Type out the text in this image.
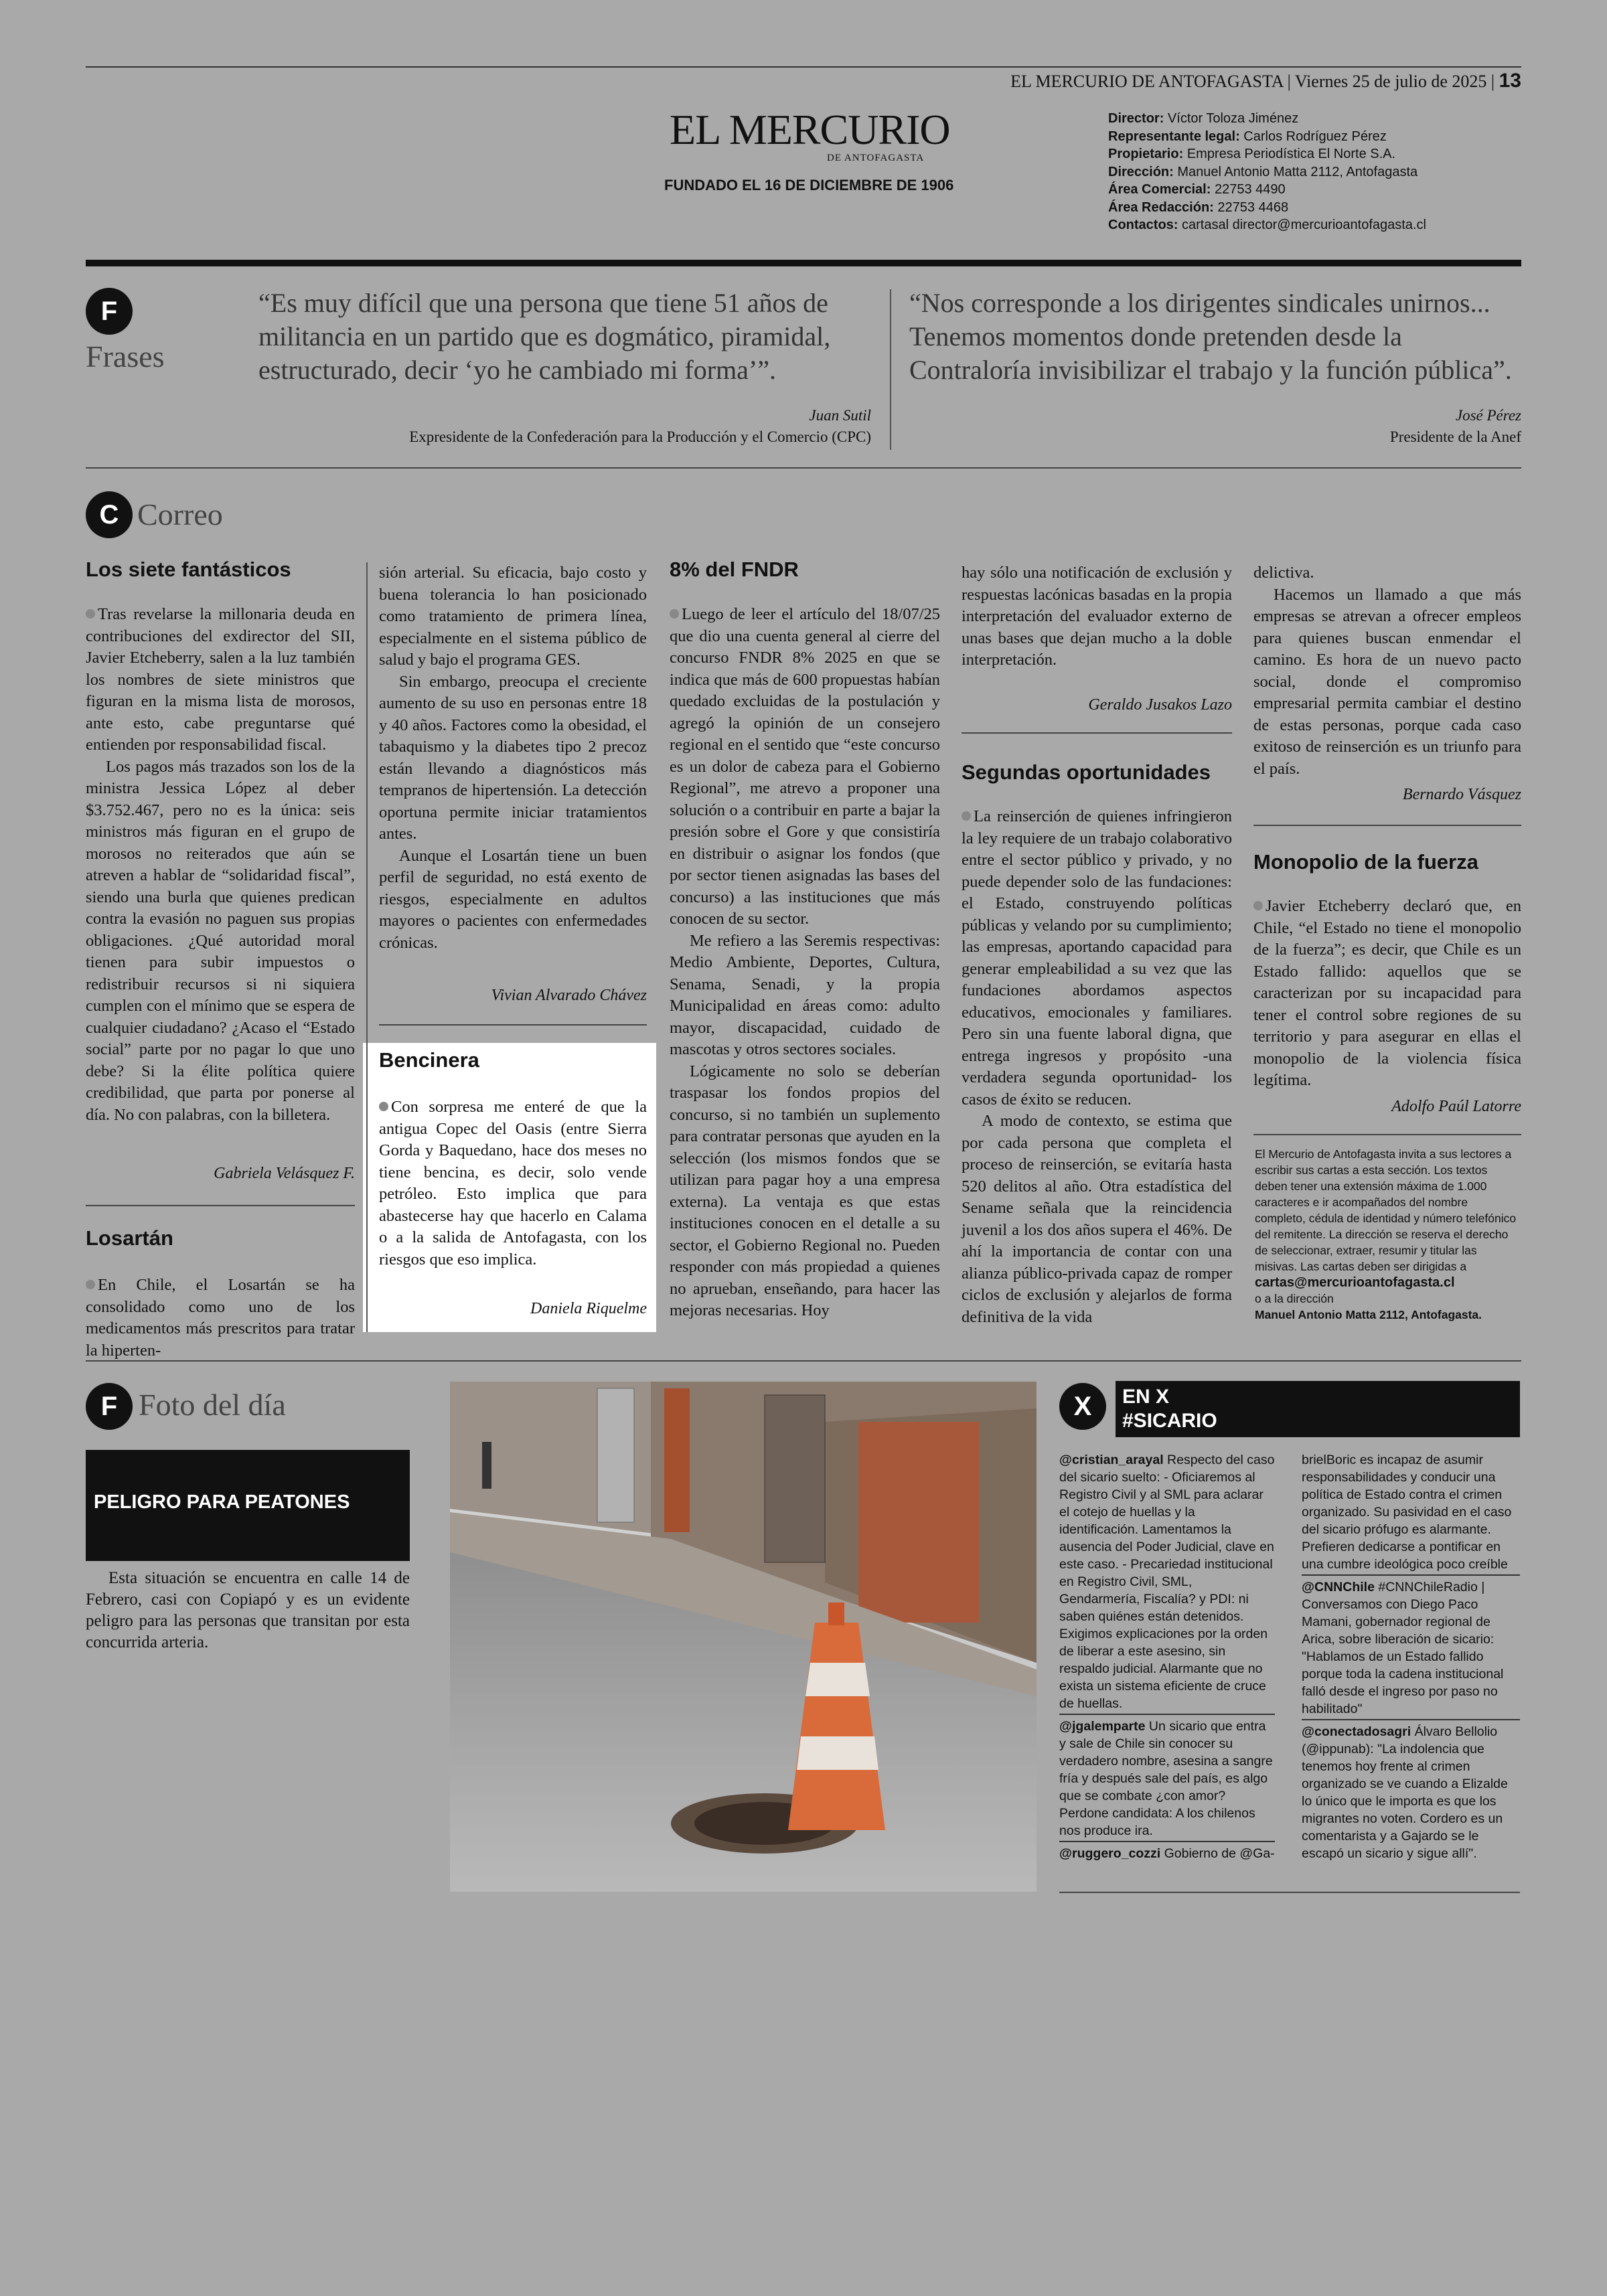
EL MERCURIO DE ANTOFAGASTA | Viernes 25 de julio de 2025 | 13
EL MERCURIO
DE ANTOFAGASTA
FUNDADO EL 16 DE DICIEMBRE DE 1906
Director: Víctor Toloza Jiménez
Representante legal: Carlos Rodríguez Pérez
Propietario: Empresa Periodística El Norte S.A.
Dirección: Manuel Antonio Matta 2112, Antofagasta
Área Comercial: 22753 4490
Área Redacción: 22753 4468
Contactos: cartasal director@mercurioantofagasta.cl
F
Frases
“Es muy difícil que una persona que tiene 51 años de
militancia en un partido que es dogmático, piramidal,
estructurado, decir ‘yo he cambiado mi forma’”.
Juan Sutil
Expresidente de la Confederación para la Producción y el Comercio (CPC)
“Nos corresponde a los dirigentes sindicales unirnos...
Tenemos momentos donde pretenden desde la
Contraloría invisibilizar el trabajo y la función pública”.
José Pérez
Presidente de la Anef
C Correo
Los siete fantásticos

Tras revelarse la millonaria deuda en contribuciones del exdirector del SII, Javier Etcheberry, salen a la luz también los nombres de siete ministros que figuran en la misma lista de morosos, ante esto, cabe preguntarse qué entienden por responsabilidad fiscal.

Los pagos más trazados son los de la ministra Jessica López al deber $3.752.467, pero no es la única: seis ministros más figuran en el grupo de morosos no reiterados que aún se atreven a hablar de “solidaridad fiscal”, siendo una burla que quienes predican contra la evasión no paguen sus propias obligaciones. ¿Qué autoridad moral tienen para subir impuestos o redistribuir recursos si ni siquiera cumplen con el mínimo que se espera de cualquier ciudadano? ¿Acaso el “Estado social” parte por no pagar lo que uno debe? Si la élite política quiere credibilidad, que parta por ponerse al día. No con palabras, con la billetera.

Gabriela Velásquez F.
Losartán

En Chile, el Losartán se ha consolidado como uno de los medicamentos más prescritos para tratar la hiperten-

sión arterial. Su eficacia, bajo costo y buena tolerancia lo han posicionado como tratamiento de primera línea, especialmente en el sistema público de salud y bajo el programa GES.

Sin embargo, preocupa el creciente aumento de su uso en personas entre 18 y 40 años. Factores como la obesidad, el tabaquismo y la diabetes tipo 2 precoz están llevando a diagnósticos más tempranos de hipertensión. La detección oportuna permite iniciar tratamientos antes.

Aunque el Losartán tiene un buen perfil de seguridad, no está exento de riesgos, especialmente en adultos mayores o pacientes con enfermedades crónicas.

Vivian Alvarado Chávez
Bencinera

Con sorpresa me enteré de que la antigua Copec del Oasis (entre Sierra Gorda y Baquedano, hace dos meses no tiene bencina, es decir, solo vende petróleo. Esto implica que para abastecerse hay que hacerlo en Calama o a la salida de Antofagasta, con los riesgos que eso implica.

Daniela Riquelme
8% del FNDR

Luego de leer el artículo del 18/07/25 que dio una cuenta general al cierre del concurso FNDR 8% 2025 en que se indica que más de 600 propuestas habían quedado excluidas de la postulación y agregó la opinión de un consejero regional en el sentido que “este concurso es un dolor de cabeza para el Gobierno Regional”, me atrevo a proponer una solución o a contribuir en parte a bajar la presión sobre el Gore y que consistiría en distribuir o asignar los fondos (que por sector tienen asignadas las bases del concurso) a las instituciones que más conocen de su sector.

Me refiero a las Seremis respectivas: Medio Ambiente, Deportes, Cultura, Senama, Senadi, y la propia Municipalidad en áreas como: adulto mayor, discapacidad, cuidado de mascotas y otros sectores sociales.

Lógicamente no solo se deberían traspasar los fondos propios del concurso, si no también un suplemento para contratar personas que ayuden en la selección (los mismos fondos que se utilizan para pagar hoy a una empresa externa). La ventaja es que estas instituciones conocen en el detalle a su sector, el Gobierno Regional no. Pueden responder con más propiedad a quienes no aprueban, enseñando, para hacer las mejoras necesarias. Hoy

hay sólo una notificación de exclusión y respuestas lacónicas basadas en la propia interpretación del evaluador externo de unas bases que dejan mucho a la doble interpretación.

Geraldo Jusakos Lazo
Segundas oportunidades

La reinserción de quienes infringieron la ley requiere de un trabajo colaborativo entre el sector público y privado, y no puede depender solo de las fundaciones: el Estado, construyendo políticas públicas y velando por su cumplimiento; las empresas, aportando capacidad para generar empleabilidad a su vez que las fundaciones abordamos aspectos educativos, emocionales y familiares. Pero sin una fuente laboral digna, que entrega ingresos y propósito -una verdadera segunda oportunidad- los casos de éxito se reducen.

A modo de contexto, se estima que por cada persona que completa el proceso de reinserción, se evitaría hasta 520 delitos al año. Otra estadística del Sename señala que la reincidencia juvenil a los dos años supera el 46%. De ahí la importancia de contar con una alianza público-privada capaz de romper ciclos de exclusión y alejarlos de forma definitiva de la vida

delictiva.

Hacemos un llamado a que más empresas se atrevan a ofrecer empleos para quienes buscan enmendar el camino. Es hora de un nuevo pacto social, donde el compromiso empresarial permita cambiar el destino de estas personas, porque cada caso exitoso de reinserción es un triunfo para el país.

Bernardo Vásquez
Monopolio de la fuerza

Javier Etcheberry declaró que, en Chile, “el Estado no tiene el monopolio de la fuerza”; es decir, que Chile es un Estado fallido: aquellos que se caracterizan por su incapacidad para tener el control sobre regiones de su territorio y para asegurar en ellas el monopolio de la violencia física legítima.

Adolfo Paúl Latorre
El Mercurio de Antofagasta invita a sus lectores a escribir sus cartas a esta sección. Los textos deben tener una extensión máxima de 1.000 caracteres e ir acompañados del nombre completo, cédula de identidad y número telefónico del remitente. La dirección se reserva el derecho de seleccionar, extraer, resumir y titular las misivas. Las cartas deben ser dirigidas a
cartas@mercurioantofagasta.cl
o a la dirección
Manuel Antonio Matta 2112, Antofagasta.
F Foto del día
PELIGRO PARA PEATONES
Esta situación se encuentra en calle 14 de Febrero, casi con Copiapó y es un evidente peligro para las personas que transitan por esta concurrida arteria.
X	EN X
#SICARIO
@cristian_arayal Respecto del caso del sicario suelto: - Oficiaremos al Registro Civil y al SML para aclarar el cotejo de huellas y la identificación. Lamentamos la ausencia del Poder Judicial, clave en este caso. - Precariedad institucional en Registro Civil, SML, Gendarmería, Fiscalía? y PDI: ni saben quiénes están detenidos. Exigimos explicaciones por la orden de liberar a este asesino, sin respaldo judicial. Alarmante que no exista un sistema eficiente de cruce de huellas.
@jgalemparte Un sicario que entra y sale de Chile sin conocer su verdadero nombre, asesina a sangre fría y después sale del país, es algo que se combate ¿con amor? Perdone candidata: A los chilenos nos produce ira.
@ruggero_cozzi Gobierno de @Ga-
brielBoric es incapaz de asumir responsabilidades y conducir una política de Estado contra el crimen organizado. Su pasividad en el caso del sicario prófugo es alarmante. Prefieren dedicarse a pontificar en una cumbre ideológica poco creíble
@CNNChile #CNNChileRadio | Conversamos con Diego Paco Mamani, gobernador regional de Arica, sobre liberación de sicario: "Hablamos de un Estado fallido porque toda la cadena institucional falló desde el ingreso por paso no habilitado"
@conectadosagri Álvaro Bellolio (@ippunab): "La indolencia que tenemos hoy frente al crimen organizado se ve cuando a Elizalde lo único que le importa es que los migrantes no voten. Cordero es un comentarista y a Gajardo se le escapó un sicario y sigue allí".
